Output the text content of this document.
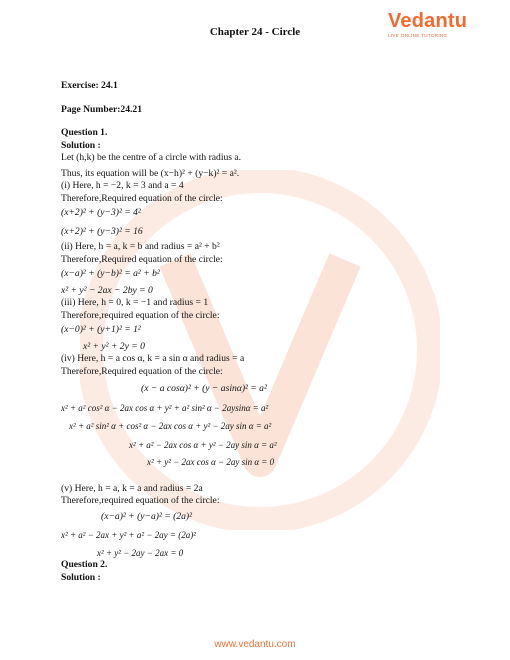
Chapter 24 - Circle	Vedantu
LIVE ONLINE TUTORING

Exercise: 24.1

Page Number:24.21

Question 1.

Solution :

Let (h,k) be the centre of a circle with radius a.

Thus, its equation will be (x−h)² + (y−k)² = a².

(i) Here, h = −2, k = 3 and a = 4

Therefore,Required equation of the circle:

(x+2)² + (y−3)² = 4²

(x+2)² + (y−3)² = 16

(ii) Here, h = a, k = b and radius = a² + b²

Therefore,Required equation of the circle:

(x−a)² + (y−b)² = a² + b²

x² + y² − 2ax − 2by = 0

(iii) Here, h = 0, k = −1 and radius = 1

Therefore,required equation of the circle:

(x−0)² + (y+1)² = 1²

x² + y² + 2y = 0

(iv) Here, h = a cos α, k = a sin α and radius = a

Therefore,Required equation of the circle:

(x − a cosα)² + (y − asinα)² = a²

x² + a² cos² α − 2ax cos α + y² + a² sin² α − 2aysinα = a²

x² + a² sin² α + cos² α − 2ax cos α + y² − 2ay sin α = a²

x² + a² − 2ax cos α + y² − 2ay sin α = a²

x² + y² − 2ax cos α − 2ay sin α = 0

(v) Here, h = a, k = a and radius = 2a

Therefore,required equation of the circle:

(x−a)² + (y−a)² = (2a)²

x² + a² − 2ax + y² + a² − 2ay = (2a)²

x² + y² − 2ay − 2ax = 0

Question 2.

Solution :

www.vedantu.com
